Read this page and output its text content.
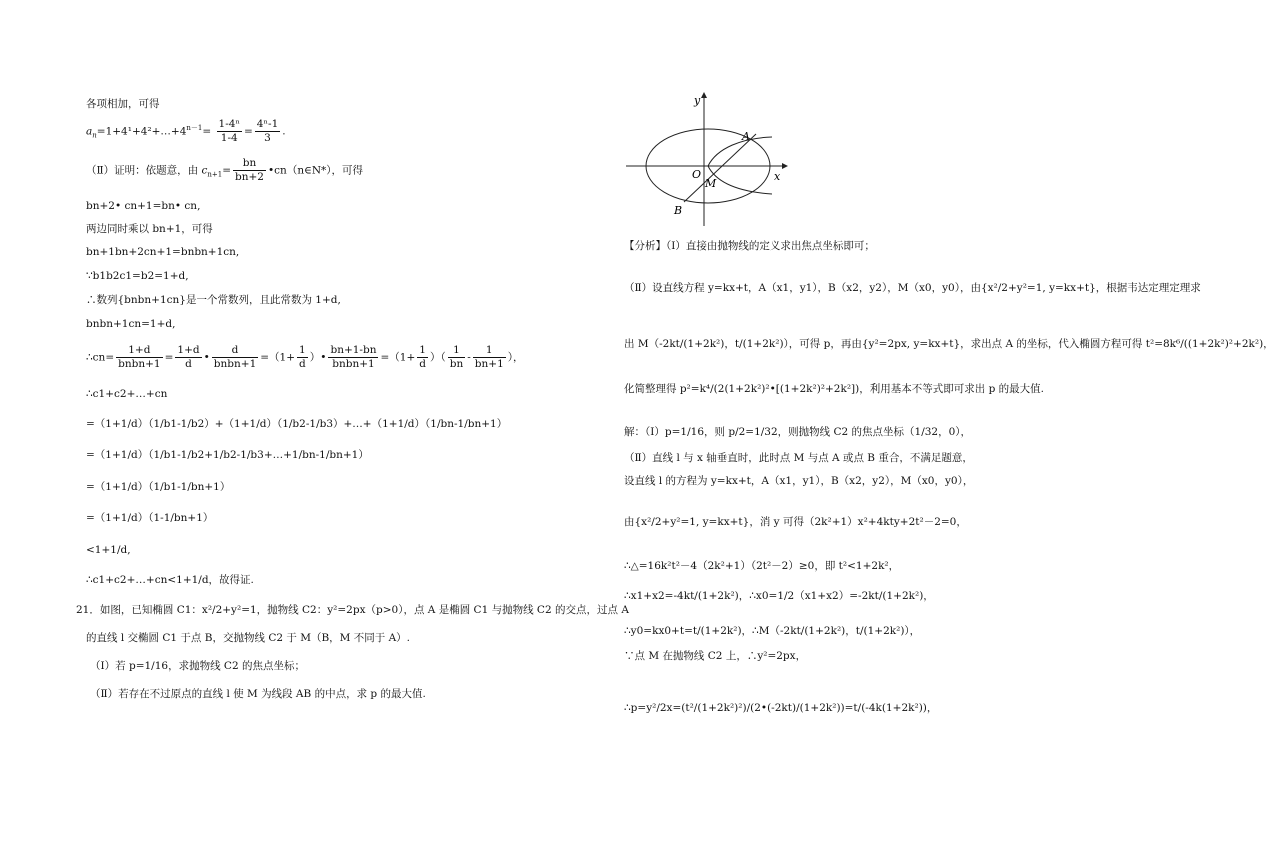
各项相加，可得
$a_n=1+4^1+4^2+\dots+4^{n-1}= \frac{\text{1-4ⁿ}}{1-4} = \frac{\text{4ⁿ-1}}{3}$ .
（Ⅱ）证明：依题意，由 $c_{n+1}= \frac{bn}{bn+2}$ •cn（n∈N*），可得
bn+2• cn+1=bn• cn,
两边同时乘以 bn+1，可得
bn+1bn+2cn+1=bnbn+1cn,
∵b1b2c1=b2=1+d,
∴数列{bnbn+1cn}是一个常数列，且此常数为 1+d,
bnbn+1cn=1+d,
∴cn= $\frac{1+d}{\text{bnbn+1}} = \frac{1+d}{d}$ • $\frac{d}{\text{bnbn+1}} =(1+ \frac{1}{d}$ ）• $\frac{bn+1-bn}{\text{bnbn+1}} =(1+ \frac{1}{d}$ ）（ $\frac{1}{bn} - \frac{1}{bn+1}$ ），
∴c1+c2+…+cn
=（1+1/d）（1/b1-1/b2）+（1+1/d）（1/b2-1/b3）+…+（1+1/d）（1/bn-1/bn+1）
=（1+1/d）（1/b1-1/b2+1/b2-1/b3+…+1/bn-1/bn+1）
=（1+1/d）（1/b1-1/bn+1）
=（1+1/d）（1-1/bn+1）
<1+1/d,
∴c1+c2+…+cn<1+1/d，故得证.
21．如图，已知椭圆 C1：x²/2+y²=1，抛物线 C2：y²=2px（p>0），点 A 是椭圆 C1 与抛物线 C2 的交点，过点 A
的直线 l 交椭圆 C1 于点 B，交抛物线 C2 于 M（B，M 不同于 A）.
（Ⅰ）若 p=1/16，求抛物线 C2 的焦点坐标；
（Ⅱ）若存在不过原点的直线 l 使 M 为线段 AB 的中点，求 p 的最大值.
y
x
O
A
B
M
【分析】（Ⅰ）直接由抛物线的定义求出焦点坐标即可；
（Ⅱ）设直线方程 y=kx+t，A（x1，y1），B（x2，y2），M（x0，y0），由{x²/2+y²=1, y=kx+t}，根据韦达定理定理求
出 M（-2kt/(1+2k²)，t/(1+2k²)），可得 p，再由{y²=2px, y=kx+t}，求出点 A 的坐标，代入椭圆方程可得 t²=8k⁶/((1+2k²)²+2k²)，
化简整理得 p²=k⁴/(2(1+2k²)²•[(1+2k²)²+2k²])，利用基本不等式即可求出 p 的最大值.
解：（Ⅰ）p=1/16，则 p/2=1/32，则抛物线 C2 的焦点坐标（1/32，0），
（Ⅱ）直线 l 与 x 轴垂直时，此时点 M 与点 A 或点 B 重合，不满足题意，
设直线 l 的方程为 y=kx+t，A（x1，y1），B（x2，y2），M（x0，y0），
由{x²/2+y²=1, y=kx+t}，消 y 可得（2k²+1）x²+4kty+2t²－2=0，
∴△=16k²t²－4（2k²+1）（2t²－2）≥0，即 t²<1+2k²，
∴x1+x2=-4kt/(1+2k²)，∴x0=1/2（x1+x2）=-2kt/(1+2k²)，
∴y0=kx0+t=t/(1+2k²)，∴M（-2kt/(1+2k²)，t/(1+2k²)），
∵点 M 在抛物线 C2 上，∴y²=2px，
∴p=y²/2x=(t²/(1+2k²)²)/(2•(-2kt)/(1+2k²))=t/(-4k(1+2k²))，
